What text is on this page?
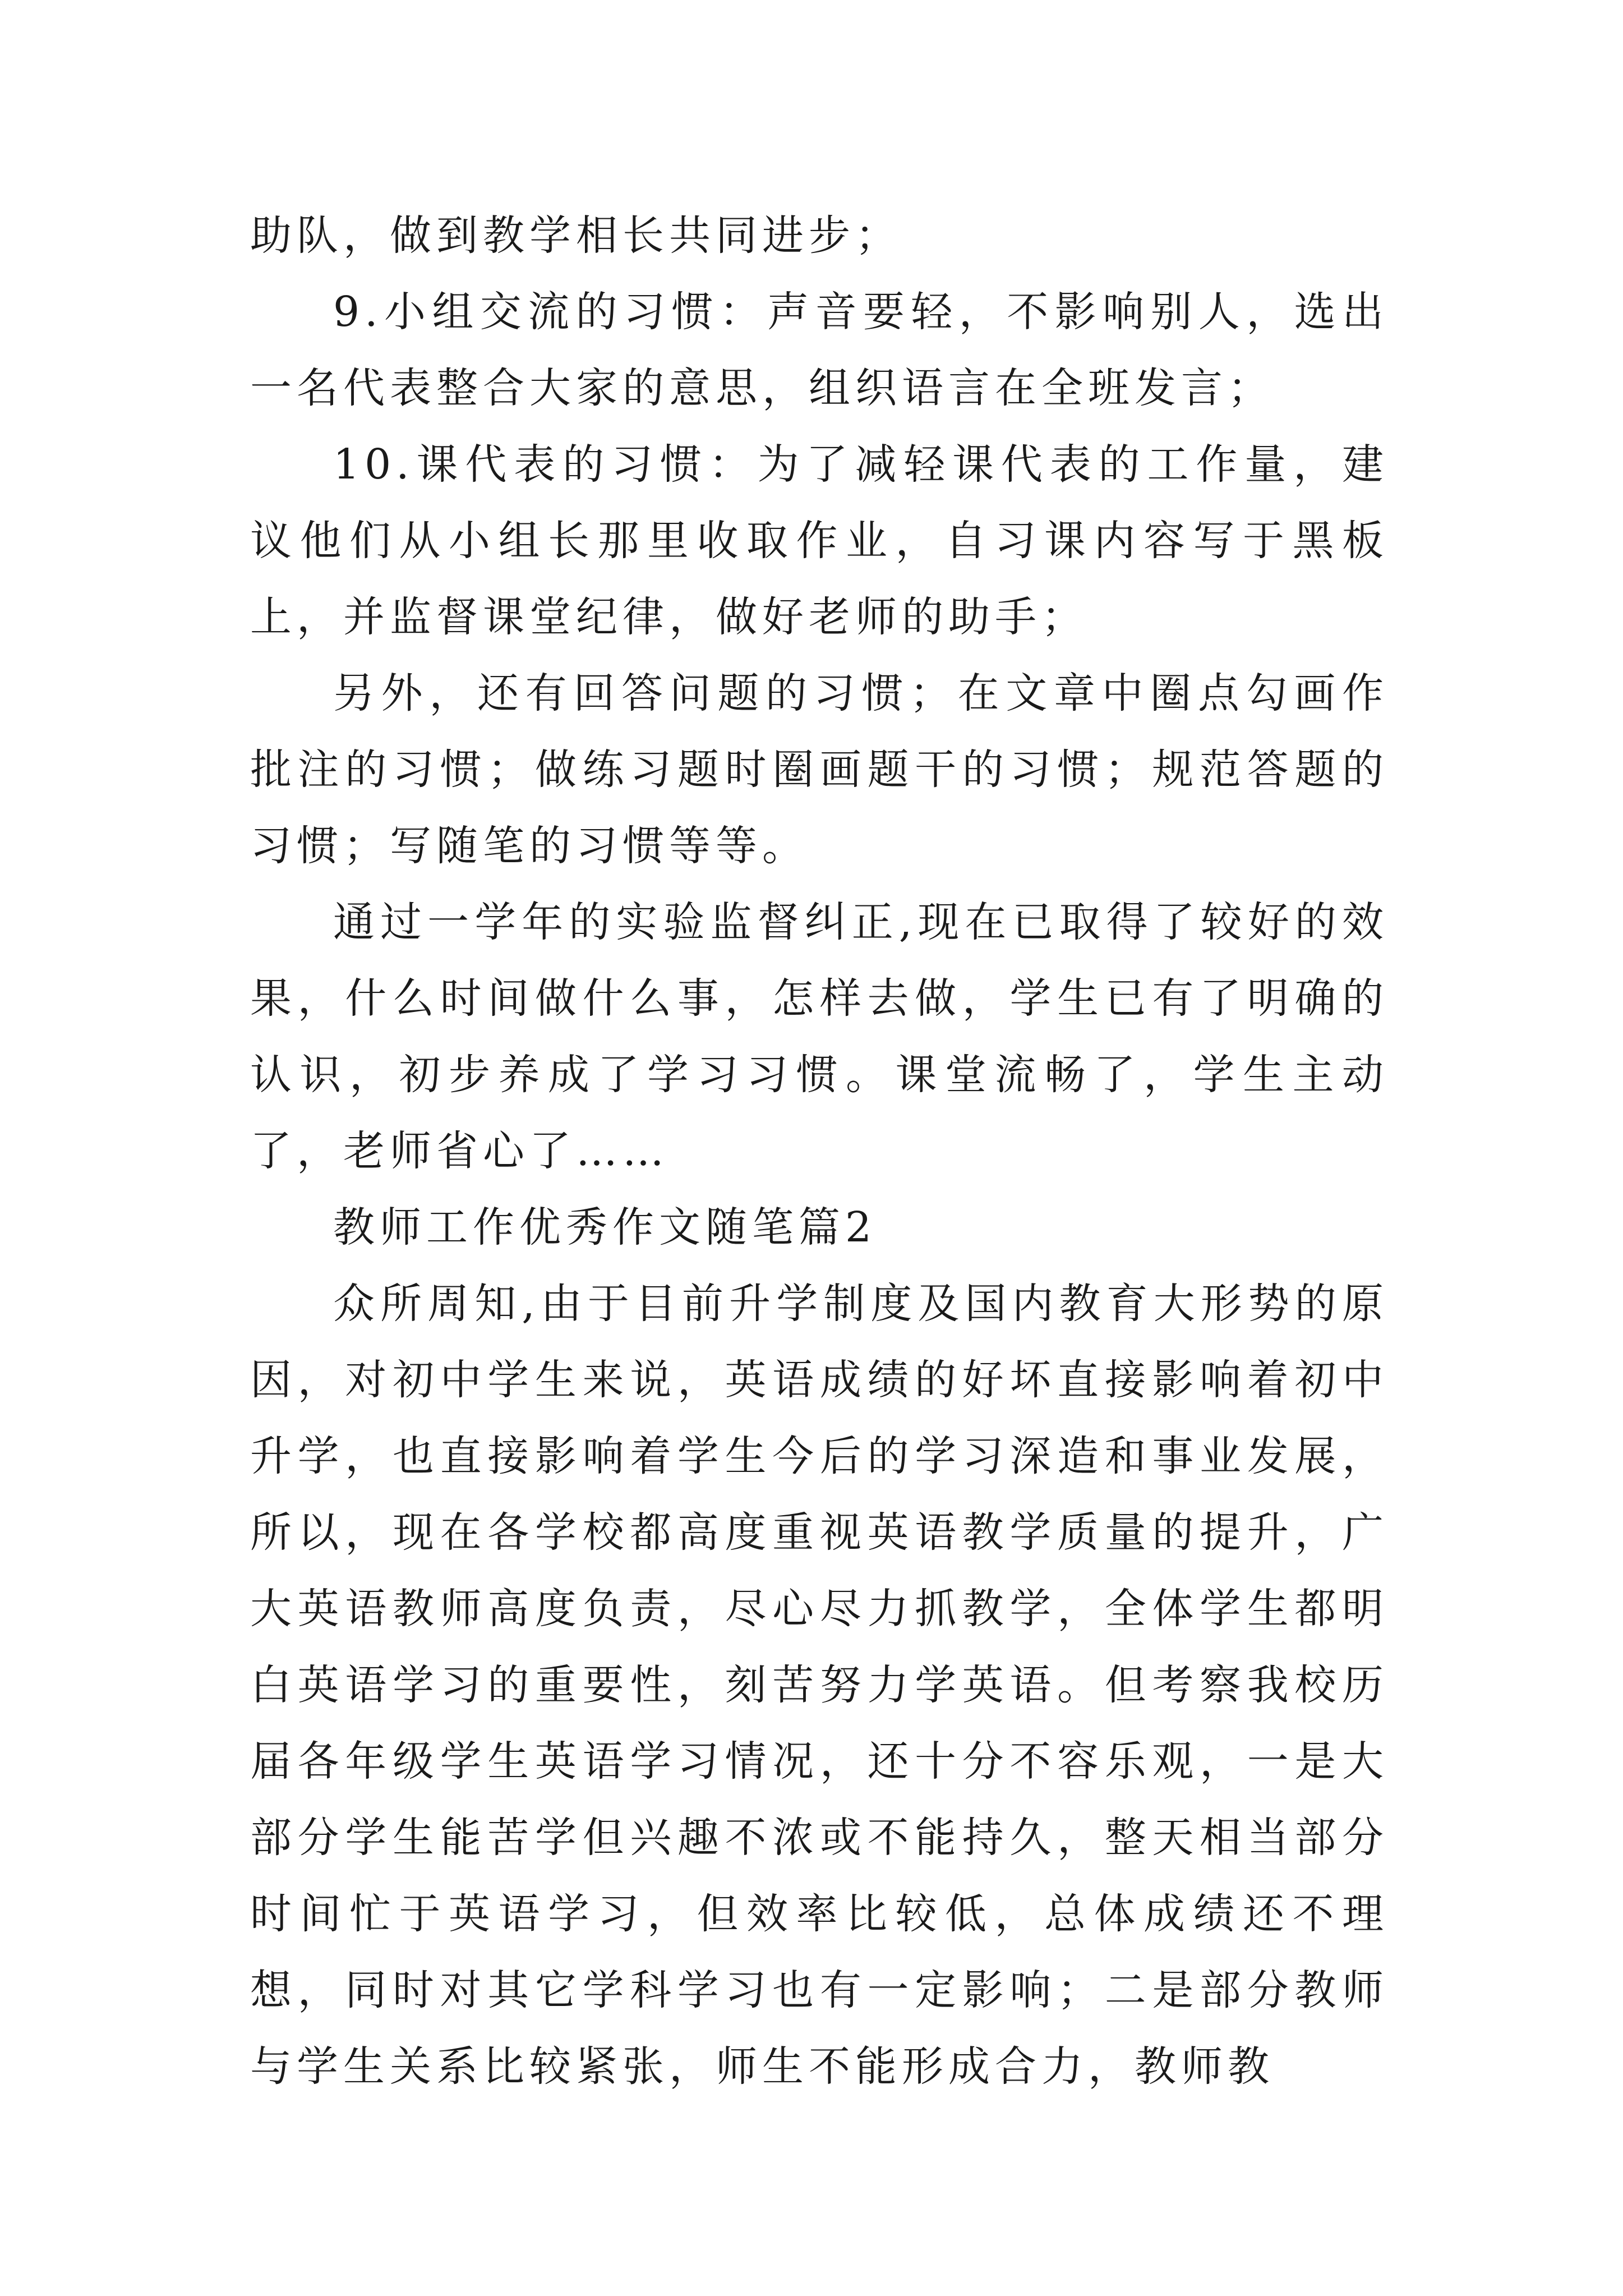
助队，做到教学相长共同进步；

9.小组交流的习惯：声音要轻，不影响别人，选出一名代表整合大家的意思，组织语言在全班发言；

10.课代表的习惯：为了减轻课代表的工作量，建议他们从小组长那里收取作业，自习课内容写于黑板上，并监督课堂纪律，做好老师的助手；

另外，还有回答问题的习惯；在文章中圈点勾画作批注的习惯；做练习题时圈画题干的习惯；规范答题的习惯；写随笔的习惯等等。

通过一学年的实验监督纠正,现在已取得了较好的效果，什么时间做什么事，怎样去做，学生已有了明确的认识，初步养成了学习习惯。课堂流畅了，学生主动了，老师省心了……

教师工作优秀作文随笔篇2

众所周知,由于目前升学制度及国内教育大形势的原因，对初中学生来说，英语成绩的好坏直接影响着初中升学，也直接影响着学生今后的学习深造和事业发展，所以，现在各学校都高度重视英语教学质量的提升，广大英语教师高度负责，尽心尽力抓教学，全体学生都明白英语学习的重要性，刻苦努力学英语。但考察我校历届各年级学生英语学习情况，还十分不容乐观，一是大部分学生能苦学但兴趣不浓或不能持久，整天相当部分时间忙于英语学习，但效率比较低，总体成绩还不理想，同时对其它学科学习也有一定影响；二是部分教师与学生关系比较紧张，师生不能形成合力，教师教
